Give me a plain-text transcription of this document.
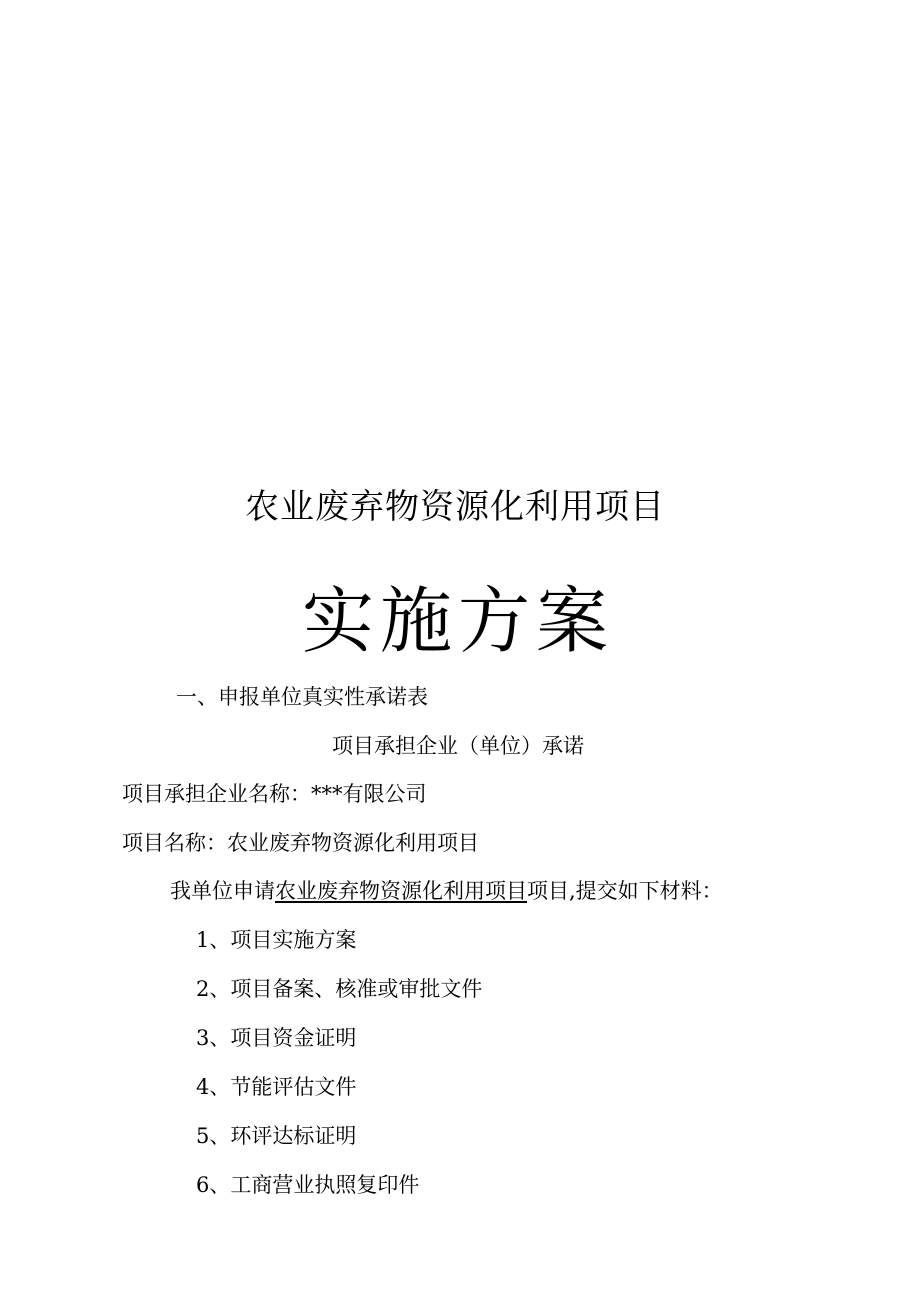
农业废弃物资源化利用项目
实施方案
一、申报单位真实性承诺表
项目承担企业（单位）承诺
项目承担企业名称：***有限公司
项目名称：农业废弃物资源化利用项目
我单位申请农业废弃物资源化利用项目项目,提交如下材料：
1、项目实施方案
2、项目备案、核准或审批文件
3、项目资金证明
4、节能评估文件
5、环评达标证明
6、工商营业执照复印件
